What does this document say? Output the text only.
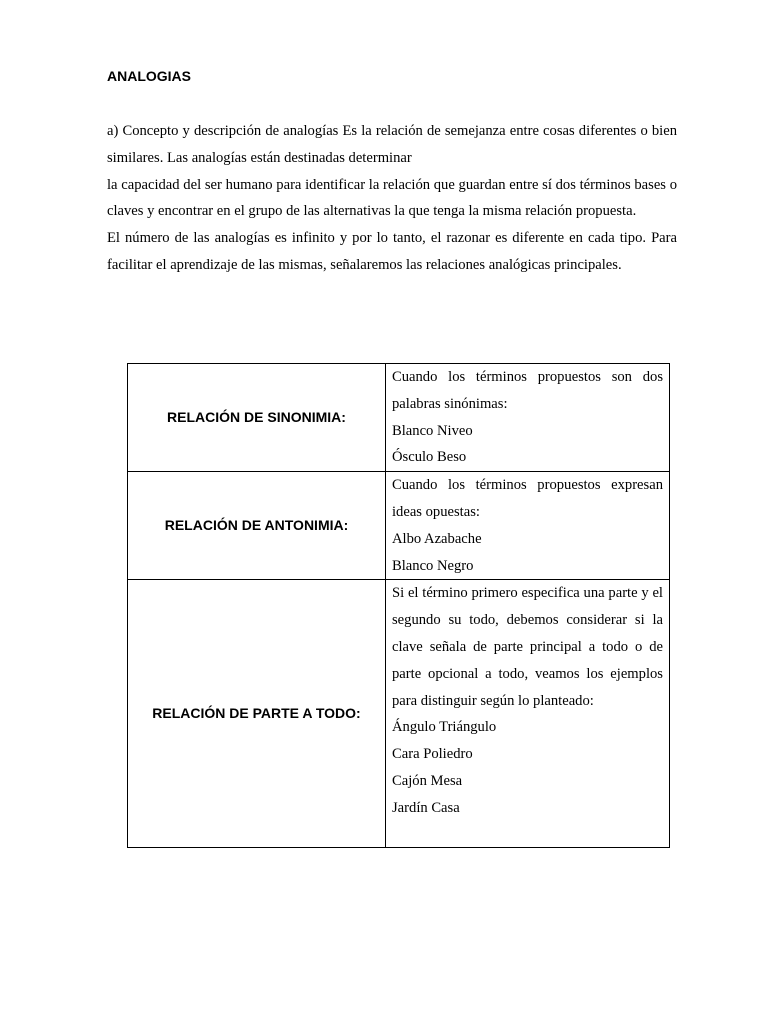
ANALOGIAS

a) Concepto y descripción de analogías Es la relación de semejanza entre cosas diferentes o bien similares. Las analogías están destinadas determinar

la capacidad del ser humano para identificar la relación que guardan entre sí dos términos bases o claves y encontrar en el grupo de las alternativas la que tenga la misma relación propuesta.

El número de las analogías es infinito y por lo tanto, el razonar es diferente en cada tipo. Para facilitar el aprendizaje de las mismas, señalaremos las relaciones analógicas principales.

RELACIÓN DE SINONIMIA:	Cuando los términos propuestos son dos palabras sinónimas:
Blanco Niveo
Ósculo Beso

RELACIÓN DE ANTONIMIA:	Cuando los términos propuestos expresan ideas opuestas:
Albo Azabache
Blanco Negro

RELACIÓN DE PARTE A TODO:	Si el término primero especifica una parte y el segundo su todo, debemos considerar si la clave señala de parte principal a todo o de parte opcional a todo, veamos los ejemplos para distinguir según lo planteado:
Ángulo Triángulo
Cara Poliedro
Cajón Mesa
Jardín Casa
